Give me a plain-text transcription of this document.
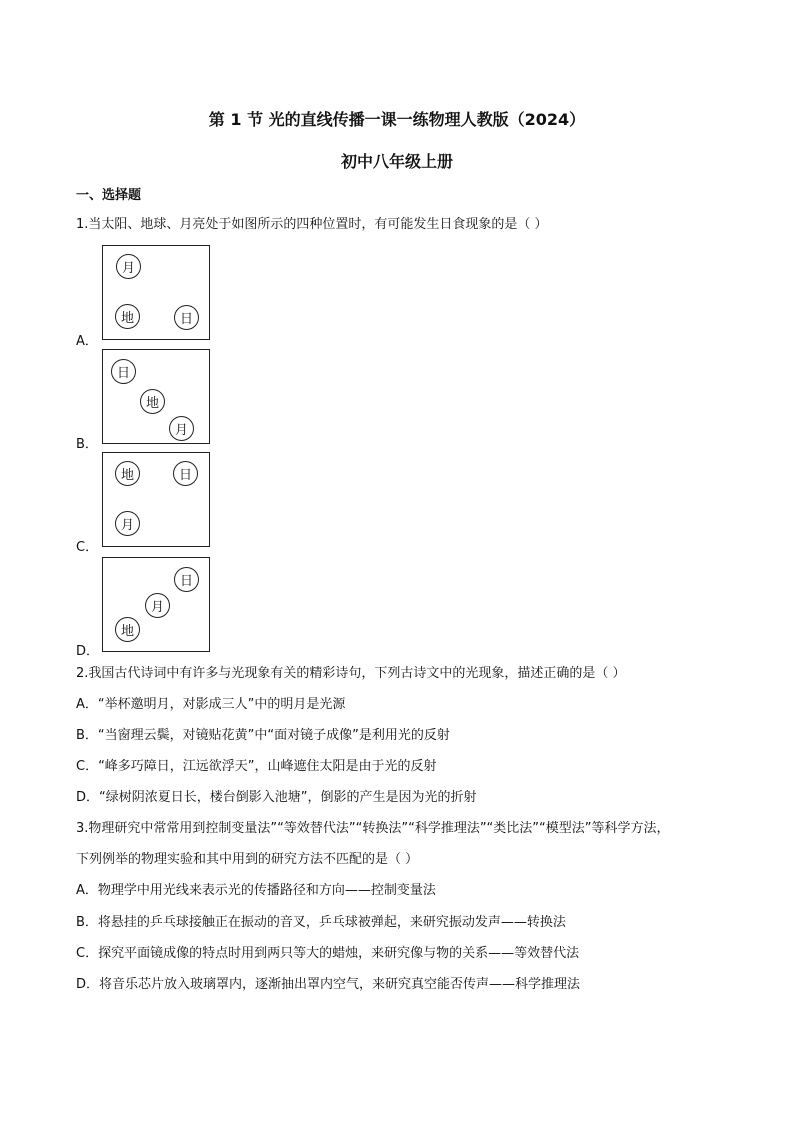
第 1 节 光的直线传播一课一练物理人教版（2024）
初中八年级上册
一、选择题
1.当太阳、地球、月亮处于如图所示的四种位置时，有可能发生日食现象的是（ ）
A．
月
地	日
B．
日
地
月
C．
地	日
月
D．
日
月
地
2.我国古代诗词中有许多与光现象有关的精彩诗句，下列古诗文中的光现象，描述正确的是（ ）
A．“举杯邀明月，对影成三人”中的明月是光源
B．“当窗理云鬓，对镜贴花黄”中“面对镜子成像”是利用光的反射
C．“峰多巧障日，江远欲浮天”，山峰遮住太阳是由于光的反射
D．“绿树阴浓夏日长，楼台倒影入池塘”，倒影的产生是因为光的折射
3.物理研究中常常用到控制变量法”“等效替代法”“转换法”“科学推理法”“类比法”“模型法”等科学方法，
下列例举的物理实验和其中用到的研究方法不匹配的是（ ）
A．物理学中用光线来表示光的传播路径和方向——控制变量法
B．将悬挂的乒乓球接触正在振动的音叉，乒乓球被弹起，来研究振动发声——转换法
C．探究平面镜成像的特点时用到两只等大的蜡烛，来研究像与物的关系——等效替代法
D．将音乐芯片放入玻璃罩内，逐渐抽出罩内空气，来研究真空能否传声——科学推理法
